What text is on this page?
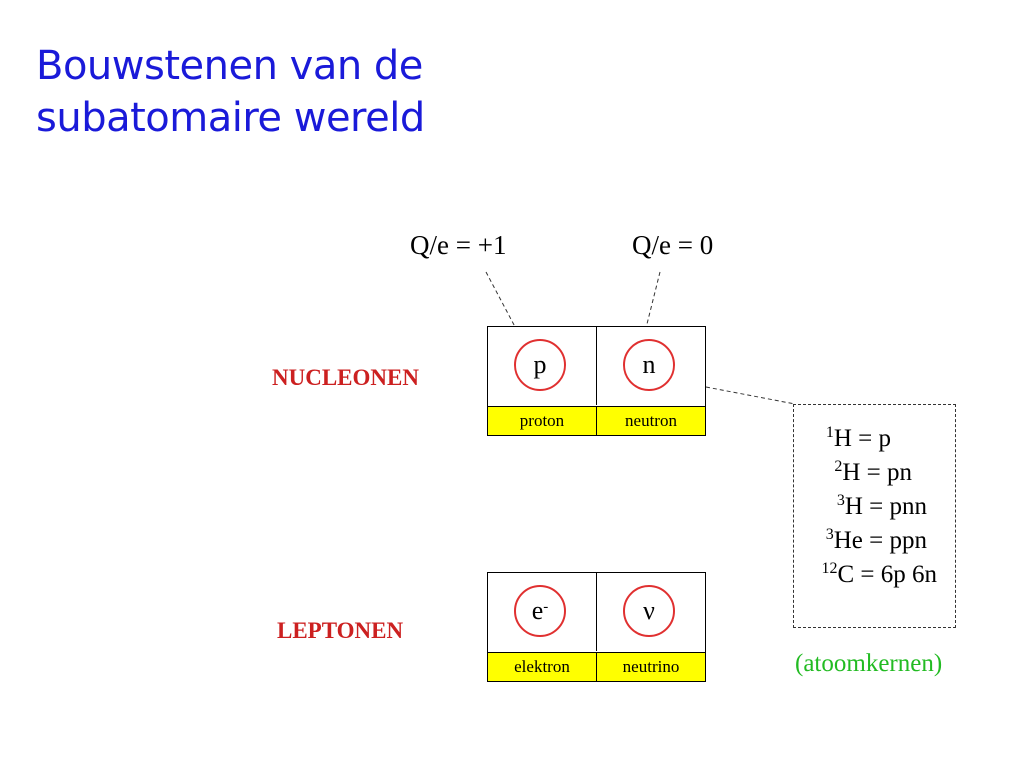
Bouwstenen van de
subatomaire wereld
Q/e = +1	Q/e = 0
NUCLEONEN	p	n
proton	neutron
LEPTONEN
e-	ν
elektron	neutrino
$^1$H = p
$^2$H = pn
$^3$H = pnn
$^3$He = ppn
$^{12}$C = 6p 6n
(atoomkernen)
